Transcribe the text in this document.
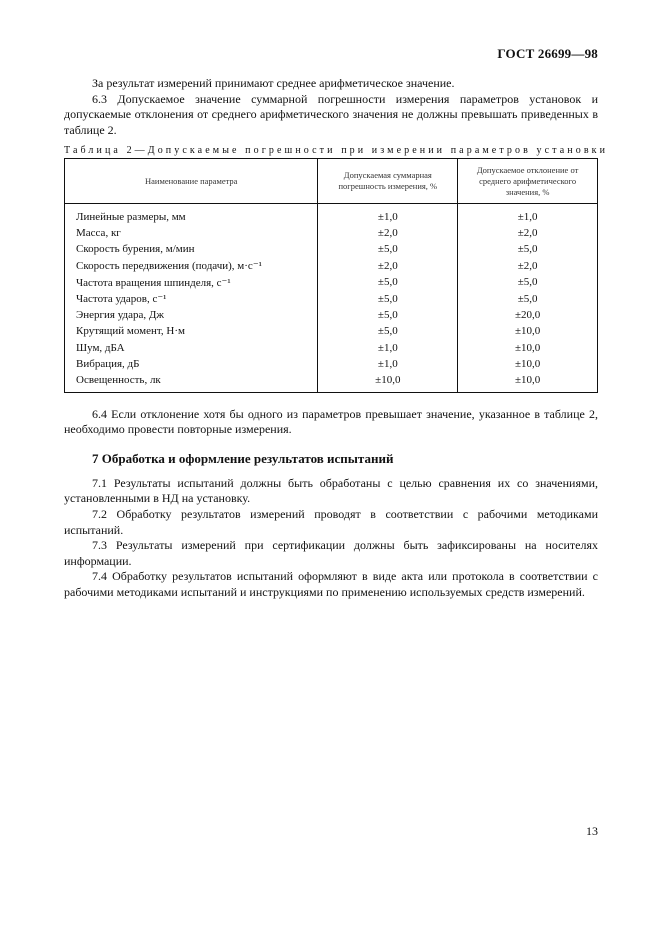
ГОСТ 26699—98

За результат измерений принимают среднее арифметическое значение.

6.3 Допускаемое значение суммарной погрешности измерения параметров установок и допускаемые отклонения от среднего арифметического значения не должны превышать приведенных в таблице 2.

Таблица 2—Допускаемые погрешности при измерении параметров установки
Наименование параметра	Допускаемая суммарная погрешность измерения, %	Допускаемое отклонение от среднего арифметического значения, %
Линейные размеры, мм	±1,0	±1,0
Масса, кг	±2,0	±2,0
Скорость бурения, м/мин	±5,0	±5,0
Скорость передвижения (подачи), м·с⁻¹	±2,0	±2,0
Частота вращения шпинделя, с⁻¹	±5,0	±5,0
Частота ударов, с⁻¹	±5,0	±5,0
Энергия удара, Дж	±5,0	±20,0
Крутящий момент, Н·м	±5,0	±10,0
Шум, дБА	±1,0	±10,0
Вибрация, дБ	±1,0	±10,0
Освещенность, лк	±10,0	±10,0

6.4 Если отклонение хотя бы одного из параметров превышает значение, указанное в таблице 2, необходимо провести повторные измерения.

7 Обработка и оформление результатов испытаний

7.1 Результаты испытаний должны быть обработаны с целью сравнения их со значениями, установленными в НД на установку.

7.2 Обработку результатов измерений проводят в соответствии с рабочими методиками испытаний.

7.3 Результаты измерений при сертификации должны быть зафиксированы на носителях информации.

7.4 Обработку результатов испытаний оформляют в виде акта или протокола в соответствии с рабочими методиками испытаний и инструкциями по применению используемых средств измерений.

13
